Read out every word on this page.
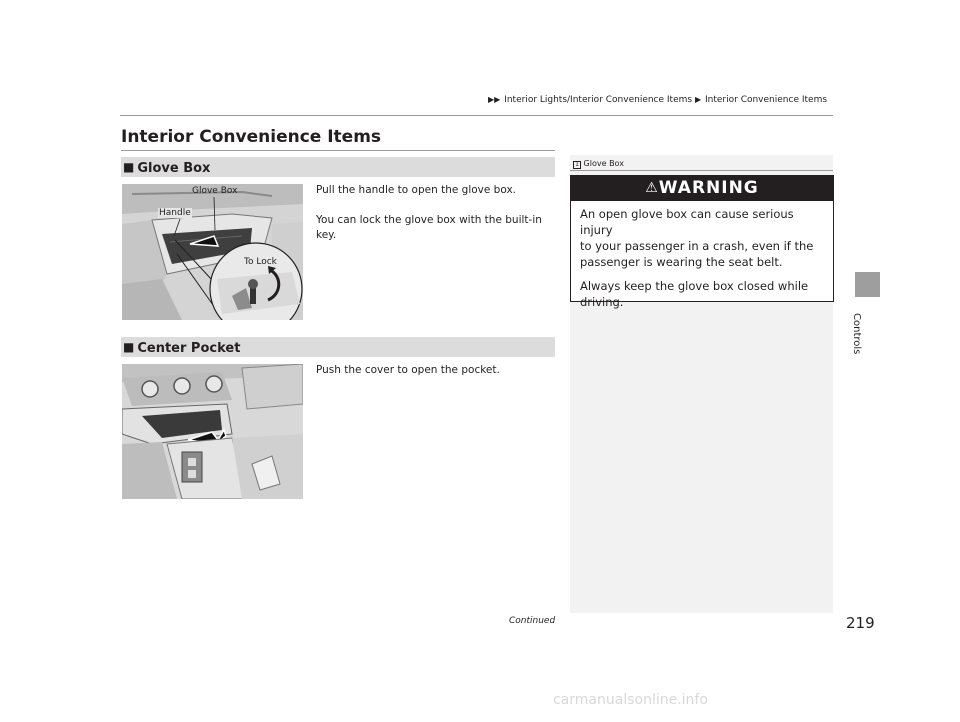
▶▶ Interior Lights/Interior Convenience Items ▶ Interior Convenience Items
Interior Convenience Items
■ Glove Box
Glove Box
Handle
To Lock
Pull the handle to open the glove box.
You can lock the glove box with the built-in
key.
■ Center Pocket
Push the cover to open the pocket.
1 Glove Box
⚠WARNING

An open glove box can cause serious injury
to your passenger in a crash, even if the
passenger is wearing the seat belt.

Always keep the glove box closed while
driving.

Controls
Continued	219
carmanualsonline.info
